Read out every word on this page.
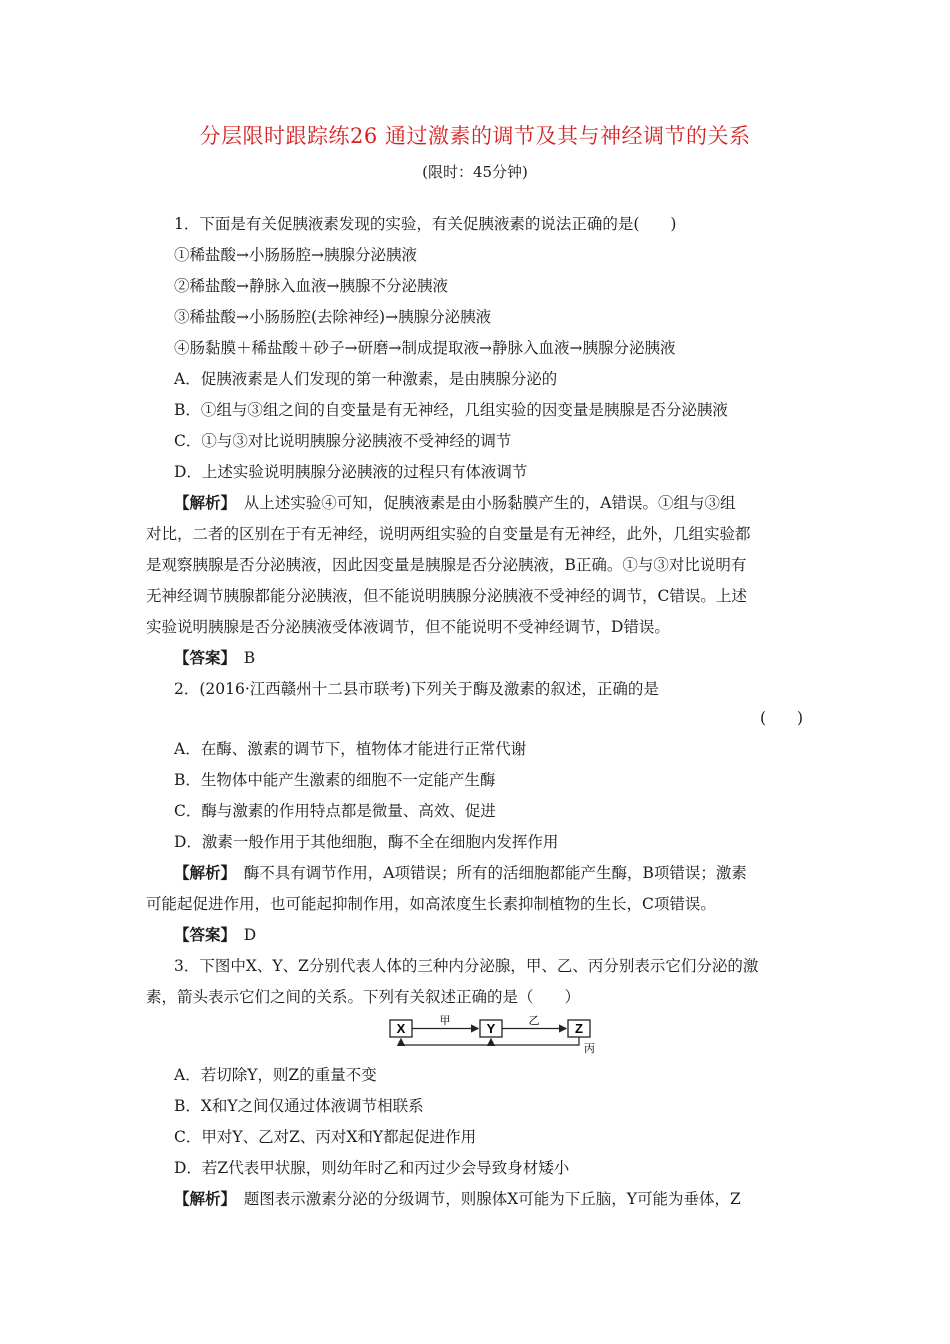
分层限时跟踪练26 通过激素的调节及其与神经调节的关系
(限时：45分钟)
1．下面是有关促胰液素发现的实验，有关促胰液素的说法正确的是(　　)
①稀盐酸→小肠肠腔→胰腺分泌胰液
②稀盐酸→静脉入血液→胰腺不分泌胰液
③稀盐酸→小肠肠腔(去除神经)→胰腺分泌胰液
④肠黏膜＋稀盐酸＋砂子→研磨→制成提取液→静脉入血液→胰腺分泌胰液
A．促胰液素是人们发现的第一种激素，是由胰腺分泌的
B．①组与③组之间的自变量是有无神经，几组实验的因变量是胰腺是否分泌胰液
C．①与③对比说明胰腺分泌胰液不受神经的调节
D．上述实验说明胰腺分泌胰液的过程只有体液调节
【解析】　从上述实验④可知，促胰液素是由小肠黏膜产生的，A错误。①组与③组
对比，二者的区别在于有无神经，说明两组实验的自变量是有无神经，此外，几组实验都
是观察胰腺是否分泌胰液，因此因变量是胰腺是否分泌胰液，B正确。①与③对比说明有
无神经调节胰腺都能分泌胰液，但不能说明胰腺分泌胰液不受神经的调节，C错误。上述
实验说明胰腺是否分泌胰液受体液调节，但不能说明不受神经调节，D错误。
【答案】　 B
2．(2016·江西赣州十二县市联考)下列关于酶及激素的叙述，正确的是
(　　)
A．在酶、激素的调节下，植物体才能进行正常代谢
B．生物体中能产生激素的细胞不一定能产生酶
C．酶与激素的作用特点都是微量、高效、促进
D．激素一般作用于其他细胞，酶不全在细胞内发挥作用
【解析】　酶不具有调节作用，A项错误；所有的活细胞都能产生酶，B项错误；激素
可能起促进作用，也可能起抑制作用，如高浓度生长素抑制植物的生长，C项错误。
【答案】　 D
3．下图中X、Y、Z分别代表人体的三种内分泌腺，甲、乙、丙分别表示它们分泌的激
素，箭头表示它们之间的关系。下列有关叙述正确的是（　　）
X	Y	Z
甲	乙
丙
A．若切除Y，则Z的重量不变
B．X和Y之间仅通过体液调节相联系
C．甲对Y、乙对Z、丙对X和Y都起促进作用
D．若Z代表甲状腺，则幼年时乙和丙过少会导致身材矮小
【解析】　题图表示激素分泌的分级调节，则腺体X可能为下丘脑，Y可能为垂体，Z
